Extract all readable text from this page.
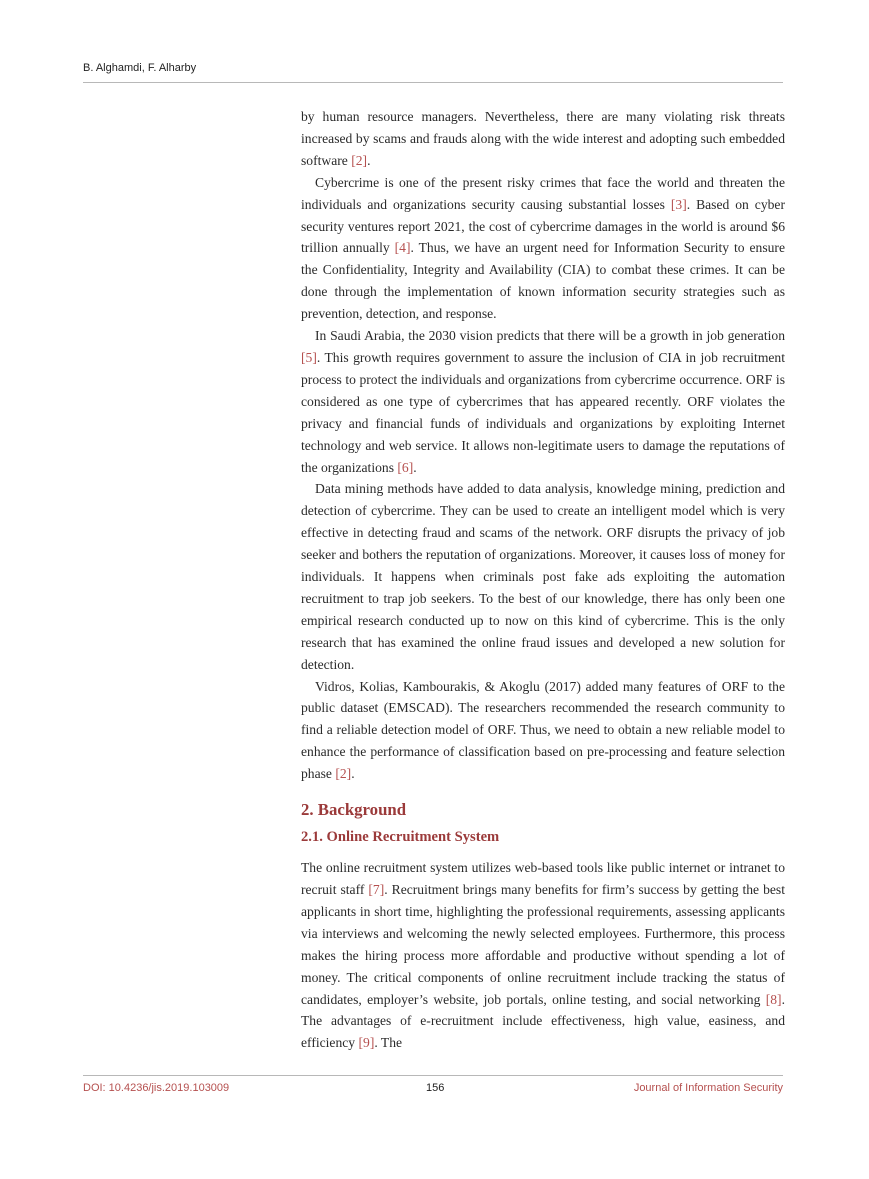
B. Alghamdi, F. Alharby

by human resource managers. Nevertheless, there are many violating risk threats increased by scams and frauds along with the wide interest and adopting such embedded software [2].

Cybercrime is one of the present risky crimes that face the world and threaten the individuals and organizations security causing substantial losses [3]. Based on cyber security ventures report 2021, the cost of cybercrime damages in the world is around $6 trillion annually [4]. Thus, we have an urgent need for Information Security to ensure the Confidentiality, Integrity and Availability (CIA) to combat these crimes. It can be done through the implementation of known information security strategies such as prevention, detection, and response.

In Saudi Arabia, the 2030 vision predicts that there will be a growth in job generation [5]. This growth requires government to assure the inclusion of CIA in job recruitment process to protect the individuals and organizations from cybercrime occurrence. ORF is considered as one type of cybercrimes that has appeared recently. ORF violates the privacy and financial funds of individuals and organizations by exploiting Internet technology and web service. It allows non-legitimate users to damage the reputations of the organizations [6].

Data mining methods have added to data analysis, knowledge mining, prediction and detection of cybercrime. They can be used to create an intelligent model which is very effective in detecting fraud and scams of the network. ORF disrupts the privacy of job seeker and bothers the reputation of organizations. Moreover, it causes loss of money for individuals. It happens when criminals post fake ads exploiting the automation recruitment to trap job seekers. To the best of our knowledge, there has only been one empirical research conducted up to now on this kind of cybercrime. This is the only research that has examined the online fraud issues and developed a new solution for detection.

Vidros, Kolias, Kambourakis, & Akoglu (2017) added many features of ORF to the public dataset (EMSCAD). The researchers recommended the research community to find a reliable detection model of ORF. Thus, we need to obtain a new reliable model to enhance the performance of classification based on pre-processing and feature selection phase [2].

2. Background
2.1. Online Recruitment System

The online recruitment system utilizes web-based tools like public internet or intranet to recruit staff [7]. Recruitment brings many benefits for firm’s success by getting the best applicants in short time, highlighting the professional requirements, assessing applicants via interviews and welcoming the newly selected employees. Furthermore, this process makes the hiring process more affordable and productive without spending a lot of money. The critical components of online recruitment include tracking the status of candidates, employer’s website, job portals, online testing, and social networking [8]. The advantages of e-recruitment include effectiveness, high value, easiness, and efficiency [9]. The

DOI: 10.4236/jis.2019.103009	156	Journal of Information Security
